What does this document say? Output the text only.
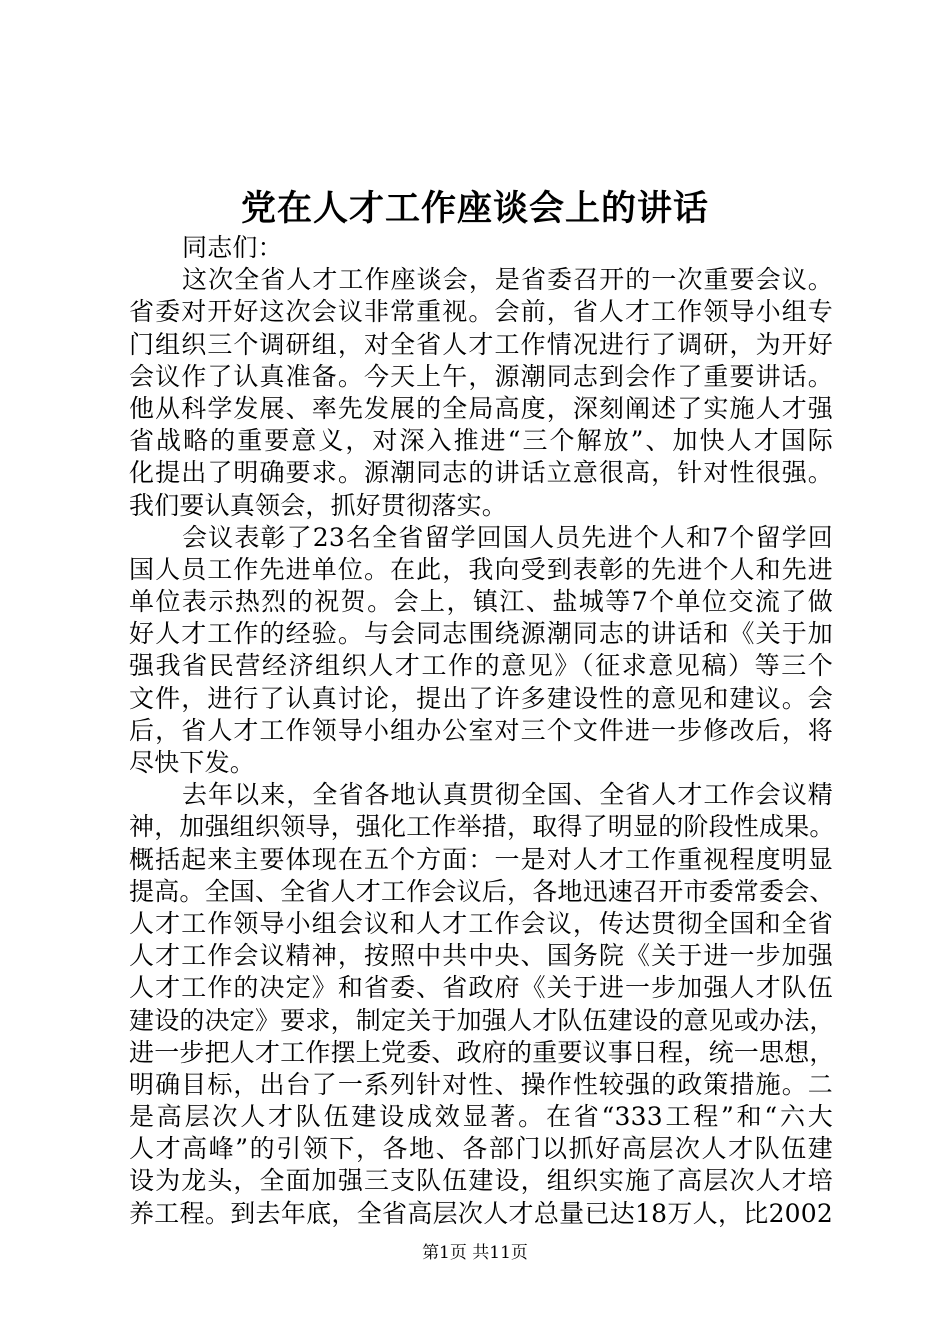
党在人才工作座谈会上的讲话
同志们：
这次全省人才工作座谈会，是省委召开的一次重要会议。
省委对开好这次会议非常重视。会前，省人才工作领导小组专
门组织三个调研组，对全省人才工作情况进行了调研，为开好
会议作了认真准备。今天上午，源潮同志到会作了重要讲话。
他从科学发展、率先发展的全局高度，深刻阐述了实施人才强
省战略的重要意义，对深入推进“三个解放”、加快人才国际
化提出了明确要求。源潮同志的讲话立意很高，针对性很强。
我们要认真领会，抓好贯彻落实。
会议表彰了23名全省留学回国人员先进个人和7个留学回
国人员工作先进单位。在此，我向受到表彰的先进个人和先进
单位表示热烈的祝贺。会上，镇江、盐城等7个单位交流了做
好人才工作的经验。与会同志围绕源潮同志的讲话和《关于加
强我省民营经济组织人才工作的意见》（征求意见稿）等三个
文件，进行了认真讨论，提出了许多建设性的意见和建议。会
后，省人才工作领导小组办公室对三个文件进一步修改后，将
尽快下发。
去年以来，全省各地认真贯彻全国、全省人才工作会议精
神，加强组织领导，强化工作举措，取得了明显的阶段性成果。
概括起来主要体现在五个方面：一是对人才工作重视程度明显
提高。全国、全省人才工作会议后，各地迅速召开市委常委会、
人才工作领导小组会议和人才工作会议，传达贯彻全国和全省
人才工作会议精神，按照中共中央、国务院《关于进一步加强
人才工作的决定》和省委、省政府《关于进一步加强人才队伍
建设的决定》要求，制定关于加强人才队伍建设的意见或办法，
进一步把人才工作摆上党委、政府的重要议事日程，统一思想，
明确目标，出台了一系列针对性、操作性较强的政策措施。二
是高层次人才队伍建设成效显著。在省“333工程”和“六大
人才高峰”的引领下，各地、各部门以抓好高层次人才队伍建
设为龙头，全面加强三支队伍建设，组织实施了高层次人才培
养工程。到去年底，全省高层次人才总量已达18万人，比2002
第1页 共11页
